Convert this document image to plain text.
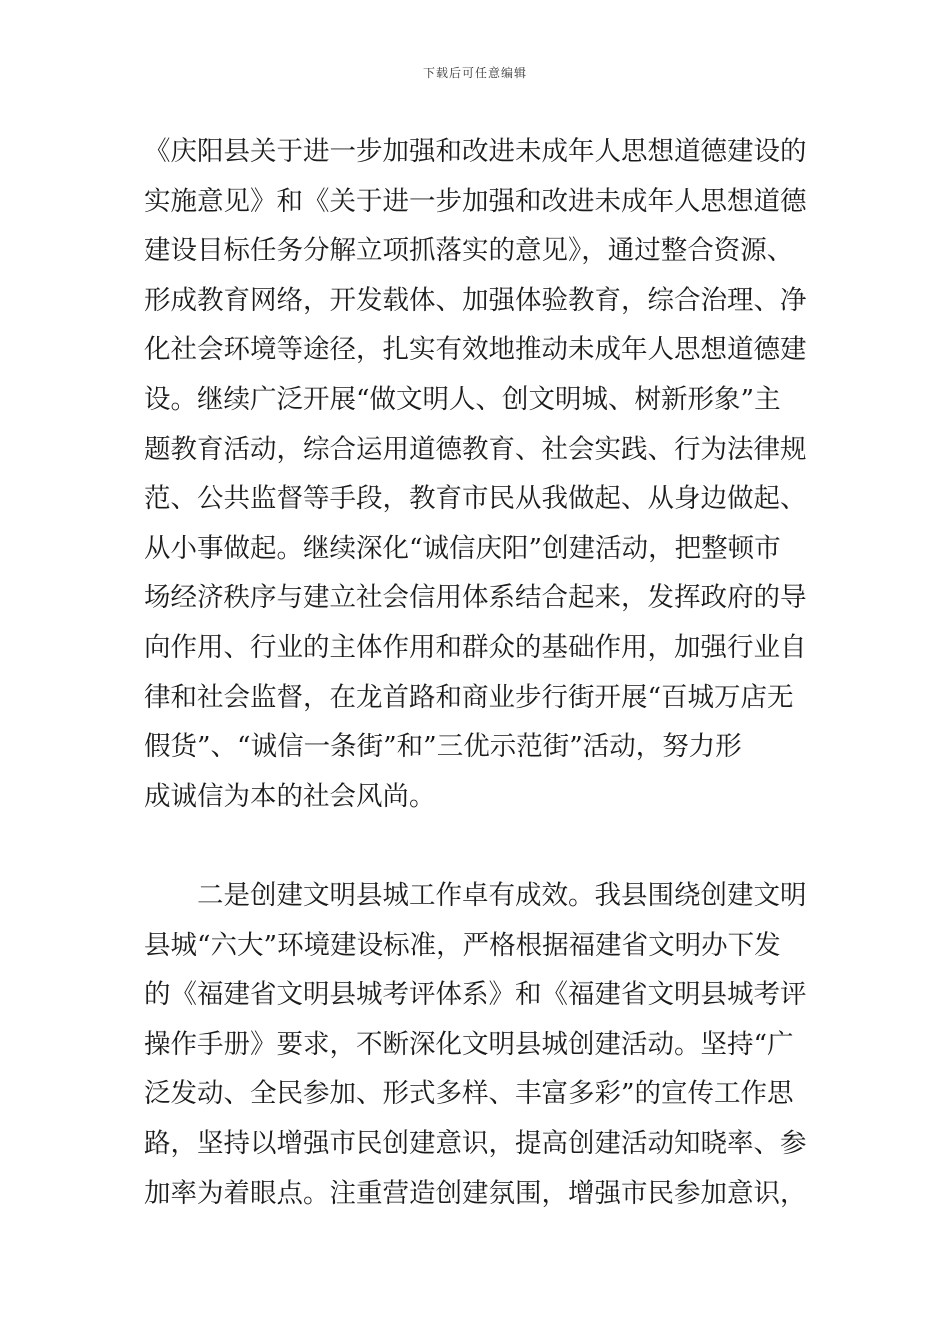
下载后可任意编辑
《庆阳县关于进一步加强和改进未成年人思想道德建设的
实施意见》和《关于进一步加强和改进未成年人思想道德
建设目标任务分解立项抓落实的意见》，通过整合资源、
形成教育网络，开发载体、加强体验教育，综合治理、净
化社会环境等途径，扎实有效地推动未成年人思想道德建
设。继续广泛开展“做文明人、创文明城、树新形象”主
题教育活动，综合运用道德教育、社会实践、行为法律规
范、公共监督等手段，教育市民从我做起、从身边做起、
从小事做起。继续深化“诚信庆阳”创建活动，把整顿市
场经济秩序与建立社会信用体系结合起来，发挥政府的导
向作用、行业的主体作用和群众的基础作用，加强行业自
律和社会监督，在龙首路和商业步行街开展“百城万店无
假货”、“诚信一条街”和”三优示范街”活动，努力形
成诚信为本的社会风尚。
　　二是创建文明县城工作卓有成效。我县围绕创建文明
县城“六大”环境建设标准，严格根据福建省文明办下发
的《福建省文明县城考评体系》和《福建省文明县城考评
操作手册》要求，不断深化文明县城创建活动。坚持“广
泛发动、全民参加、形式多样、丰富多彩”的宣传工作思
路，坚持以增强市民创建意识，提高创建活动知晓率、参
加率为着眼点。注重营造创建氛围，增强市民参加意识，
